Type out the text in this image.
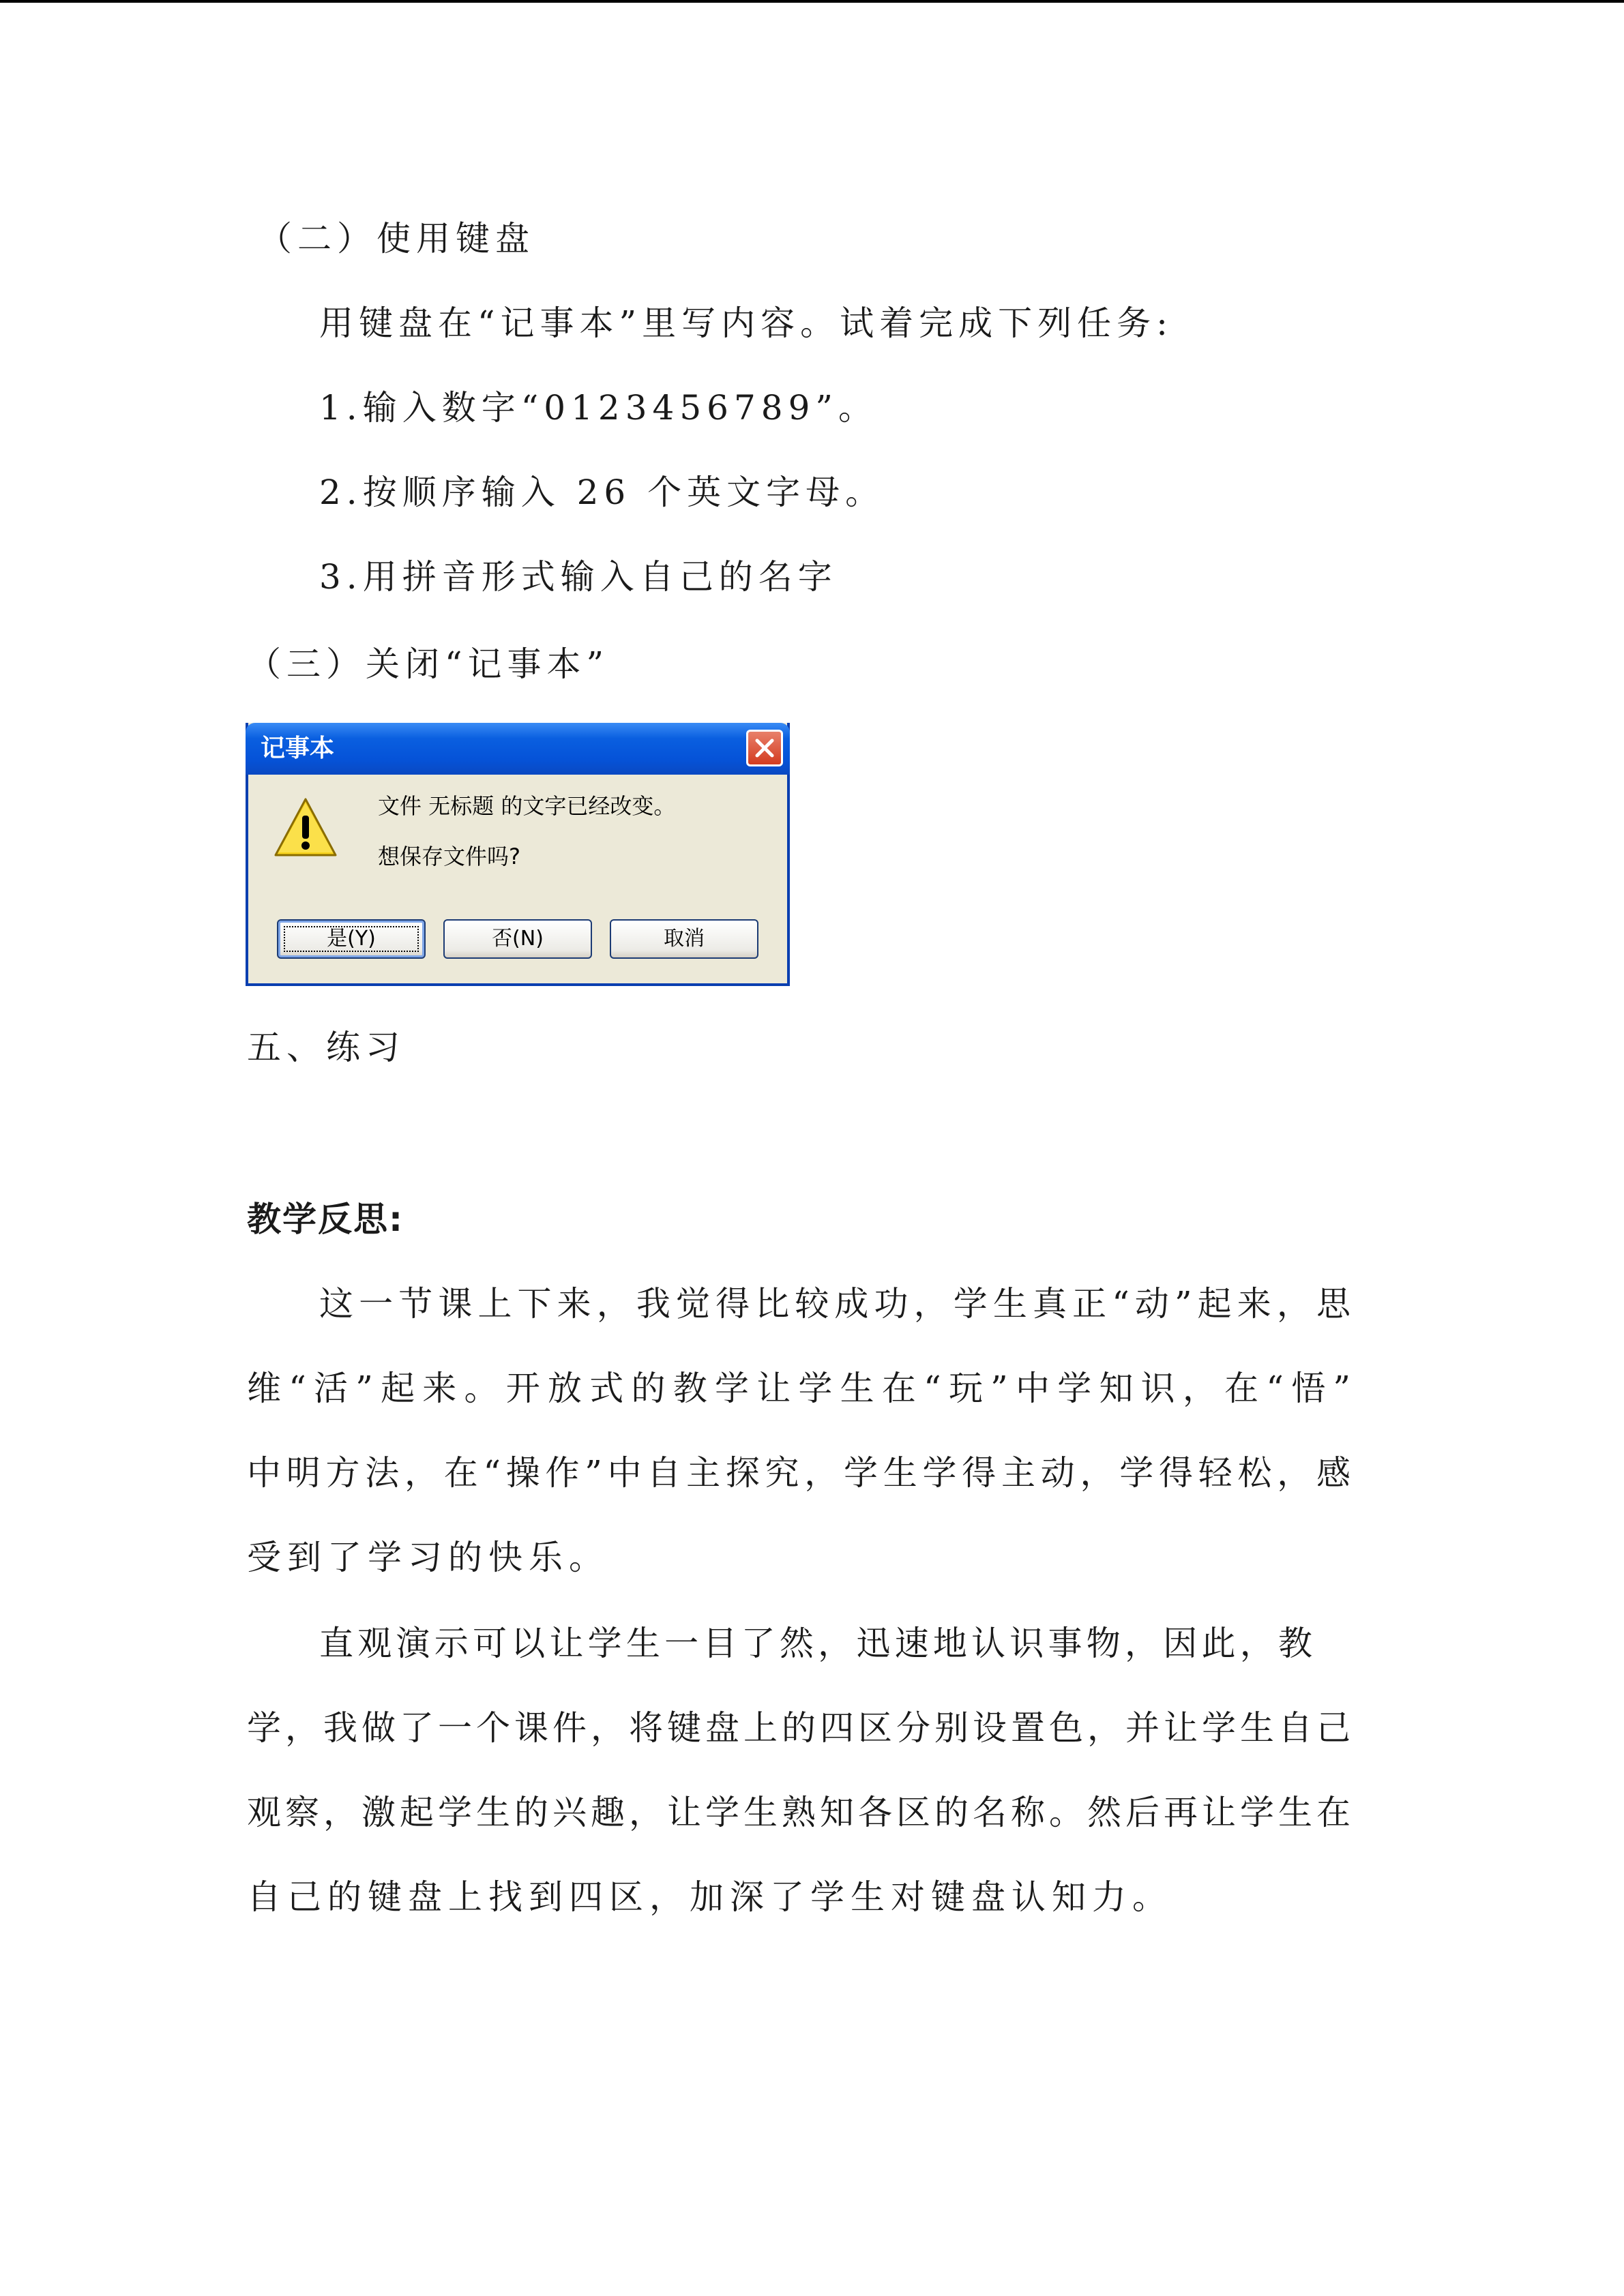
（二）使用键盘
用键盘在“记事本”里写内容。试着完成下列任务:
1.输入数字“0123456789”。
2.按顺序输入 26 个英文字母。
3.用拼音形式输入自己的名字
（三）关闭“记事本”
记事本
文件 无标题 的文字已经改变。
想保存文件吗?
是(Y)	否(N)	取消
五、练习
教学反思:
这一节课上下来，我觉得比较成功，学生真正“动”起来，思
维“活”起来。开放式的教学让学生在“玩”中学知识，在“悟”
中明方法，在“操作”中自主探究，学生学得主动，学得轻松，感
受到了学习的快乐。
直观演示可以让学生一目了然，迅速地认识事物，因此，教
学，我做了一个课件，将键盘上的四区分别设置色，并让学生自己
观察，激起学生的兴趣，让学生熟知各区的名称。然后再让学生在
自己的键盘上找到四区，加深了学生对键盘认知力。
